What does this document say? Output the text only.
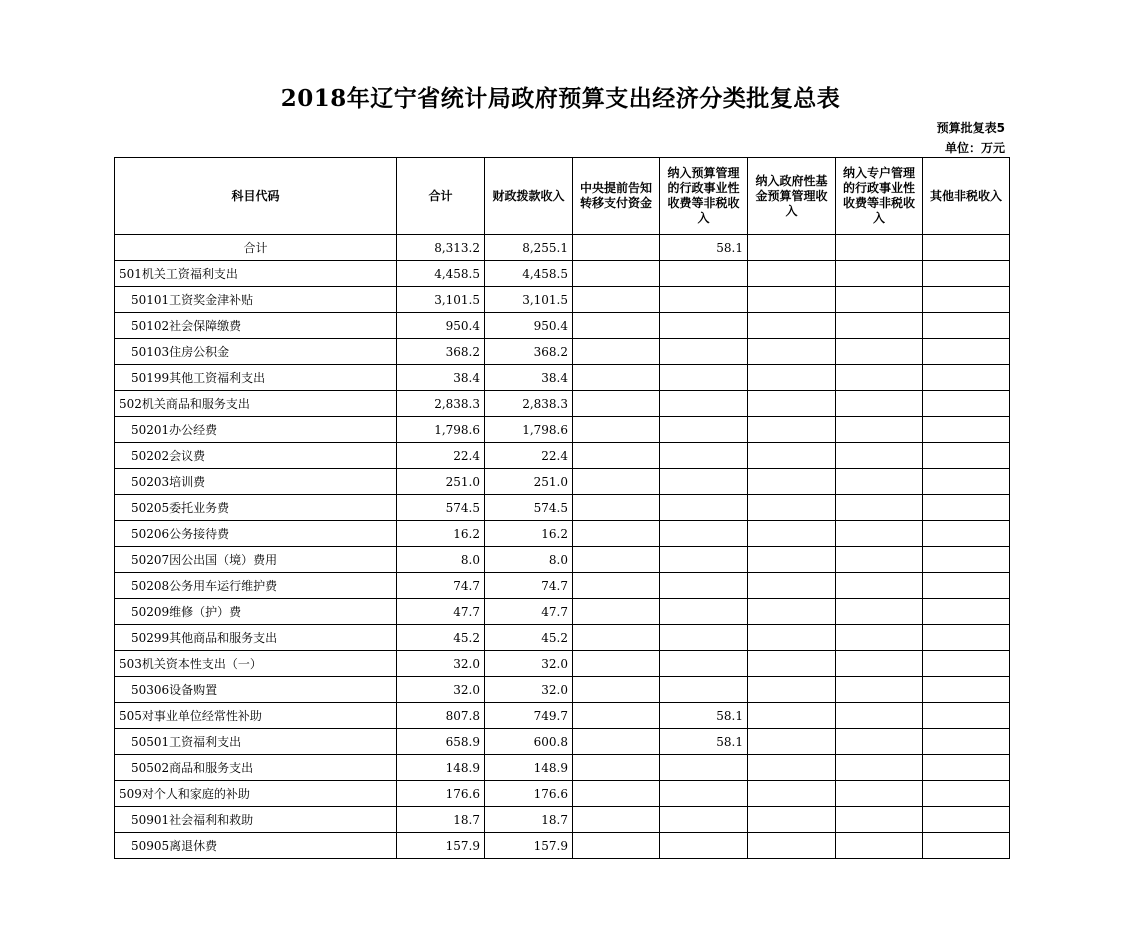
2018年辽宁省统计局政府预算支出经济分类批复总表
预算批复表5
单位：万元
科目代码	合计	财政拨款收入	中央提前告知转移支付资金	纳入预算管理的行政事业性收费等非税收入	纳入政府性基金预算管理收入	纳入专户管理的行政事业性收费等非税收入	其他非税收入
合计	8,313.2	8,255.1		58.1			
501机关工资福利支出	4,458.5	4,458.5					
50101工资奖金津补贴	3,101.5	3,101.5					
50102社会保障缴费	950.4	950.4					
50103住房公积金	368.2	368.2					
50199其他工资福利支出	38.4	38.4					
502机关商品和服务支出	2,838.3	2,838.3					
50201办公经费	1,798.6	1,798.6					
50202会议费	22.4	22.4					
50203培训费	251.0	251.0					
50205委托业务费	574.5	574.5					
50206公务接待费	16.2	16.2					
50207因公出国（境）费用	8.0	8.0					
50208公务用车运行维护费	74.7	74.7					
50209维修（护）费	47.7	47.7					
50299其他商品和服务支出	45.2	45.2					
503机关资本性支出（一）	32.0	32.0					
50306设备购置	32.0	32.0					
505对事业单位经常性补助	807.8	749.7		58.1			
50501工资福利支出	658.9	600.8		58.1			
50502商品和服务支出	148.9	148.9					
509对个人和家庭的补助	176.6	176.6					
50901社会福利和救助	18.7	18.7					
50905离退休费	157.9	157.9					
